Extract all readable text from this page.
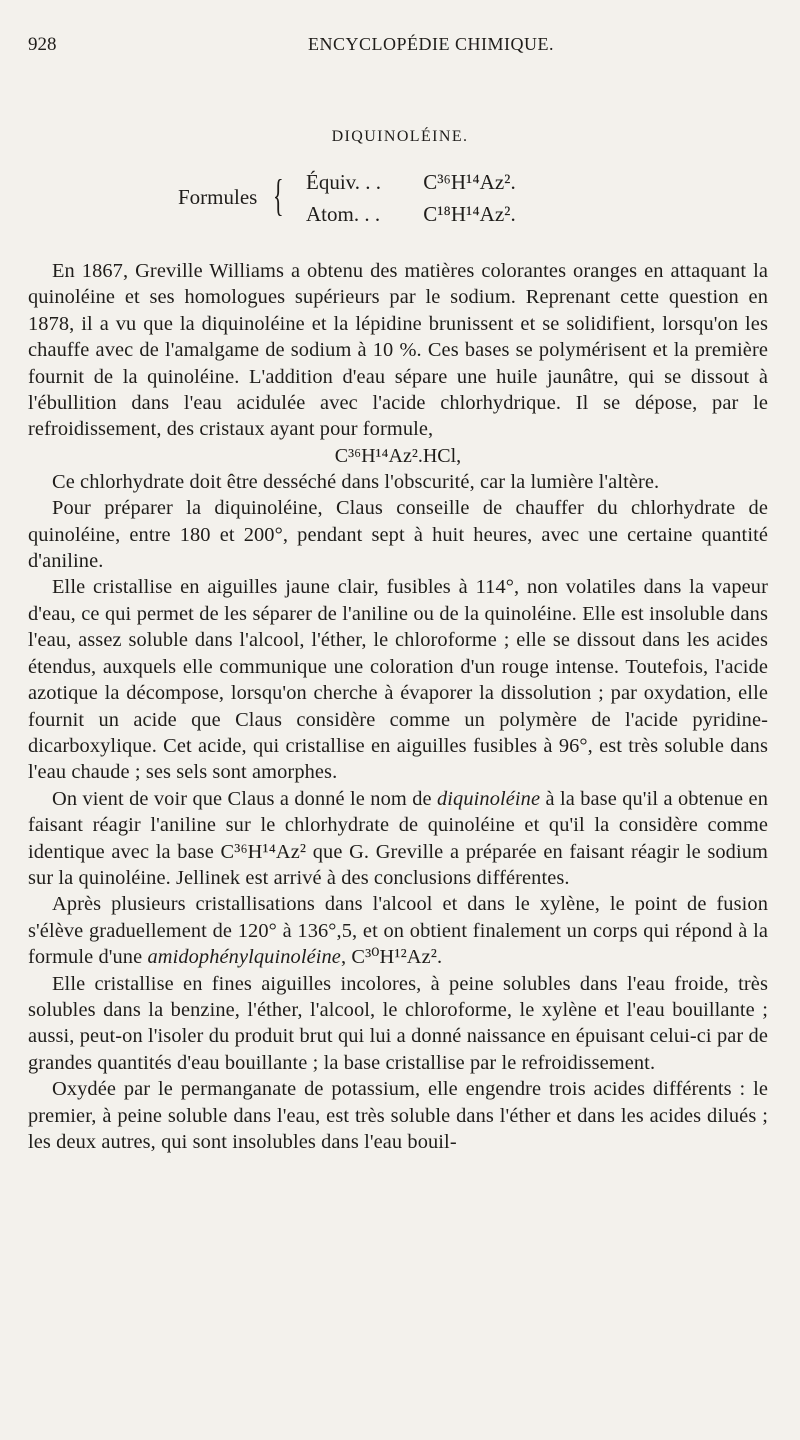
928	ENCYCLOPÉDIE CHIMIQUE.
DIQUINOLÉINE.
Formules { Équiv. . . C³⁶H¹⁴Az².
Atom. . . C¹⁸H¹⁴Az².

En 1867, Greville Williams a obtenu des matières colorantes oranges en attaquant la quinoléine et ses homologues supérieurs par le sodium. Reprenant cette question en 1878, il a vu que la diquinoléine et la lépidine brunissent et se solidifient, lorsqu'on les chauffe avec de l'amalgame de sodium à 10 %. Ces bases se polymérisent et la première fournit de la quinoléine. L'addition d'eau sépare une huile jaunâtre, qui se dissout à l'ébullition dans l'eau acidulée avec l'acide chlorhydrique. Il se dépose, par le refroidissement, des cristaux ayant pour formule,

C³⁶H¹⁴Az².HCl,

Ce chlorhydrate doit être desséché dans l'obscurité, car la lumière l'altère.

Pour préparer la diquinoléine, Claus conseille de chauffer du chlorhydrate de quinoléine, entre 180 et 200°, pendant sept à huit heures, avec une certaine quantité d'aniline.

Elle cristallise en aiguilles jaune clair, fusibles à 114°, non volatiles dans la vapeur d'eau, ce qui permet de les séparer de l'aniline ou de la quinoléine. Elle est insoluble dans l'eau, assez soluble dans l'alcool, l'éther, le chloroforme ; elle se dissout dans les acides étendus, auxquels elle communique une coloration d'un rouge intense. Toutefois, l'acide azotique la décompose, lorsqu'on cherche à évaporer la dissolution ; par oxydation, elle fournit un acide que Claus considère comme un polymère de l'acide pyridine-dicarboxylique. Cet acide, qui cristallise en aiguilles fusibles à 96°, est très soluble dans l'eau chaude ; ses sels sont amorphes.

On vient de voir que Claus a donné le nom de diquinoléine à la base qu'il a obtenue en faisant réagir l'aniline sur le chlorhydrate de quinoléine et qu'il la considère comme identique avec la base C³⁶H¹⁴Az² que G. Greville a préparée en faisant réagir le sodium sur la quinoléine. Jellinek est arrivé à des conclusions différentes.

Après plusieurs cristallisations dans l'alcool et dans le xylène, le point de fusion s'élève graduellement de 120° à 136°,5, et on obtient finalement un corps qui répond à la formule d'une amidophénylquinoléine, C³⁰H¹²Az².

Elle cristallise en fines aiguilles incolores, à peine solubles dans l'eau froide, très solubles dans la benzine, l'éther, l'alcool, le chloroforme, le xylène et l'eau bouillante ; aussi, peut-on l'isoler du produit brut qui lui a donné naissance en épuisant celui-ci par de grandes quantités d'eau bouillante ; la base cristallise par le refroidissement.

Oxydée par le permanganate de potassium, elle engendre trois acides différents : le premier, à peine soluble dans l'eau, est très soluble dans l'éther et dans les acides dilués ; les deux autres, qui sont insolubles dans l'eau bouil-
